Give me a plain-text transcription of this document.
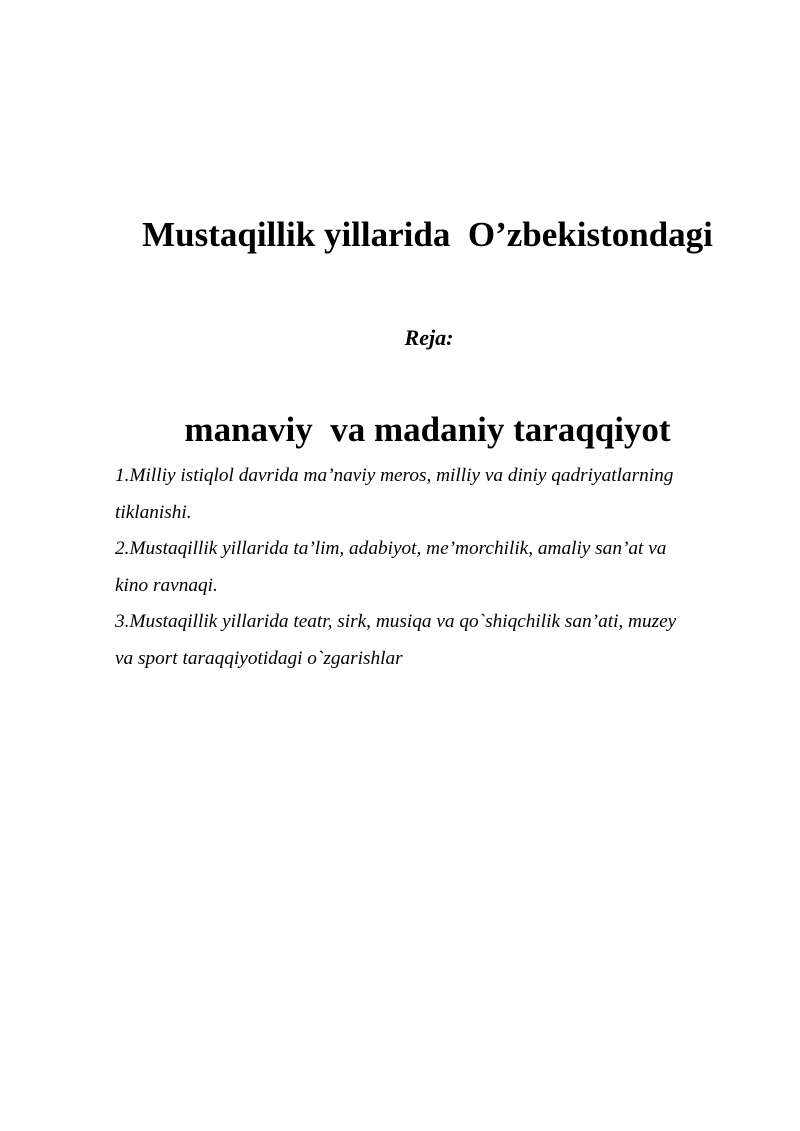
Mustaqillik yillarida  O’zbekistondagi

manaviy  va madaniy taraqqiyot

Reja:
1.Milliy istiqlol davrida ma’naviy meros, milliy va diniy qadriyatlarning
tiklanishi.
2.Mustaqillik yillarida ta’lim, adabiyot, me’morchilik, amaliy san’at va
kino ravnaqi.
3.Mustaqillik yillarida teatr, sirk, musiqa va qo`shiqchilik san’ati, muzey
va sport taraqqiyotidagi o`zgarishlar
